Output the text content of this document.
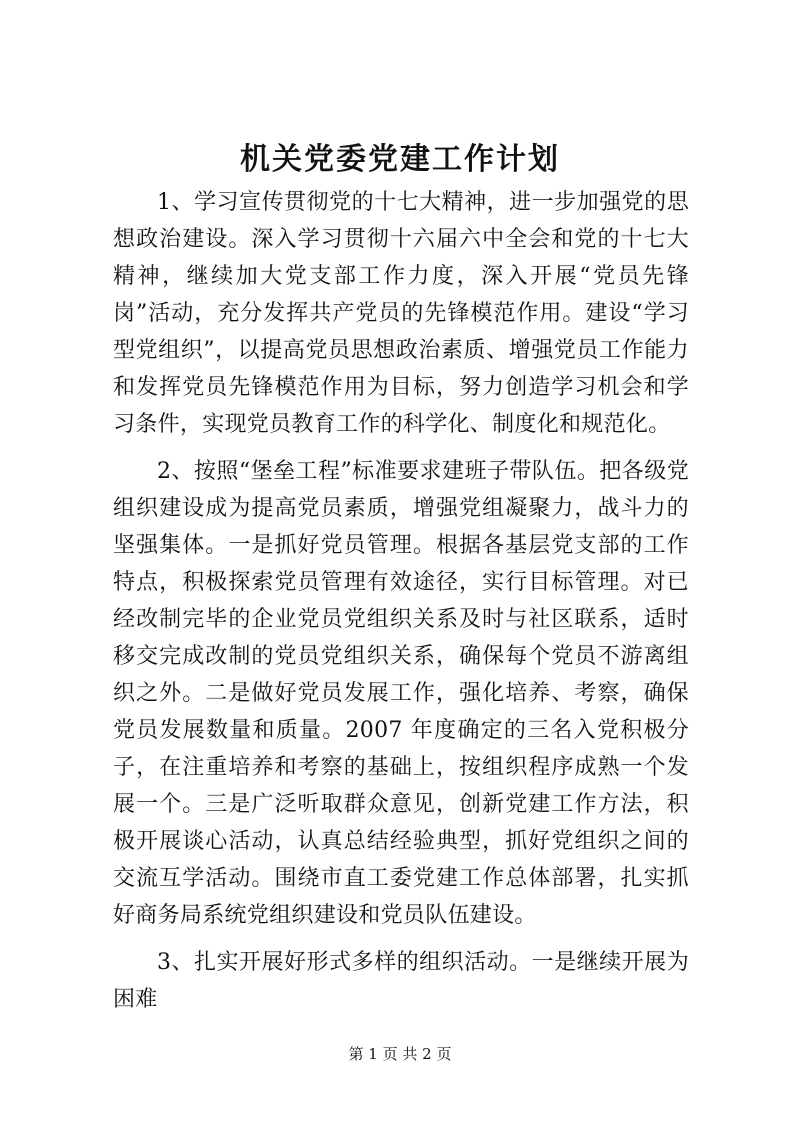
机关党委党建工作计划

1、学习宣传贯彻党的十七大精神，进一步加强党的思想政治建设。深入学习贯彻十六届六中全会和党的十七大精神，继续加大党支部工作力度，深入开展“党员先锋岗”活动，充分发挥共产党员的先锋模范作用。建设“学习型党组织”，以提高党员思想政治素质、增强党员工作能力和发挥党员先锋模范作用为目标，努力创造学习机会和学习条件，实现党员教育工作的科学化、制度化和规范化。

2、按照“堡垒工程”标准要求建班子带队伍。把各级党组织建设成为提高党员素质，增强党组凝聚力，战斗力的坚强集体。一是抓好党员管理。根据各基层党支部的工作特点，积极探索党员管理有效途径，实行目标管理。对已经改制完毕的企业党员党组织关系及时与社区联系，适时移交完成改制的党员党组织关系，确保每个党员不游离组织之外。二是做好党员发展工作，强化培养、考察，确保党员发展数量和质量。2007 年度确定的三名入党积极分子，在注重培养和考察的基础上，按组织程序成熟一个发展一个。三是广泛听取群众意见，创新党建工作方法，积极开展谈心活动，认真总结经验典型，抓好党组织之间的交流互学活动。围绕市直工委党建工作总体部署，扎实抓好商务局系统党组织建设和党员队伍建设。

3、扎实开展好形式多样的组织活动。一是继续开展为困难

第 1 页 共 2 页
